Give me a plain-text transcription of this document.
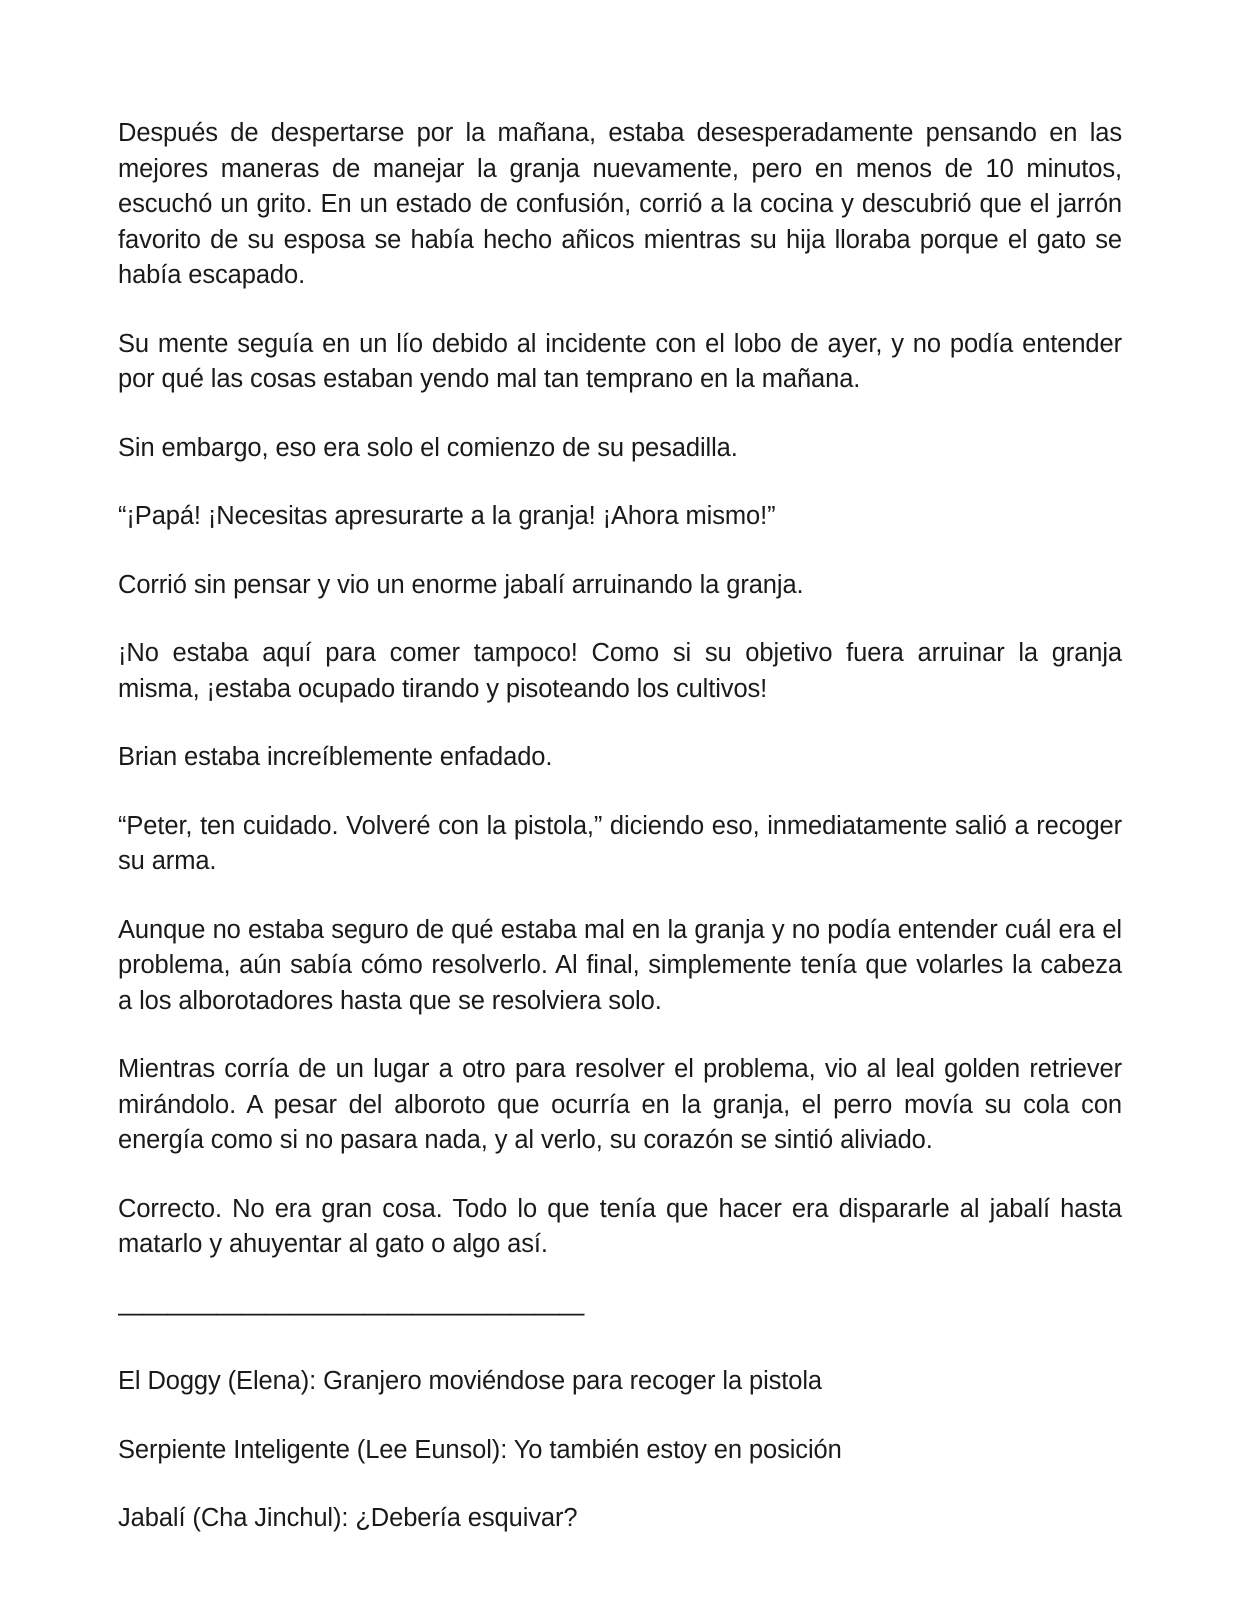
Después de despertarse por la mañana, estaba desesperadamente pensando en las mejores maneras de manejar la granja nuevamente, pero en menos de 10 minutos, escuchó un grito. En un estado de confusión, corrió a la cocina y descubrió que el jarrón favorito de su esposa se había hecho añicos mientras su hija lloraba porque el gato se había escapado.

Su mente seguía en un lío debido al incidente con el lobo de ayer, y no podía entender por qué las cosas estaban yendo mal tan temprano en la mañana.

Sin embargo, eso era solo el comienzo de su pesadilla.

“¡Papá! ¡Necesitas apresurarte a la granja! ¡Ahora mismo!”

Corrió sin pensar y vio un enorme jabalí arruinando la granja.

¡No estaba aquí para comer tampoco! Como si su objetivo fuera arruinar la granja misma, ¡estaba ocupado tirando y pisoteando los cultivos!

Brian estaba increíblemente enfadado.

“Peter, ten cuidado. Volveré con la pistola,” diciendo eso, inmediatamente salió a recoger su arma.

Aunque no estaba seguro de qué estaba mal en la granja y no podía entender cuál era el problema, aún sabía cómo resolverlo. Al final, simplemente tenía que volarles la cabeza a los alborotadores hasta que se resolviera solo.

Mientras corría de un lugar a otro para resolver el problema, vio al leal golden retriever mirándolo. A pesar del alboroto que ocurría en la granja, el perro movía su cola con energía como si no pasara nada, y al verlo, su corazón se sintió aliviado.

Correcto. No era gran cosa. Todo lo que tenía que hacer era dispararle al jabalí hasta matarlo y ahuyentar al gato o algo así.

———————————————————

El Doggy (Elena): Granjero moviéndose para recoger la pistola

Serpiente Inteligente (Lee Eunsol): Yo también estoy en posición

Jabalí (Cha Jinchul): ¿Debería esquivar?
